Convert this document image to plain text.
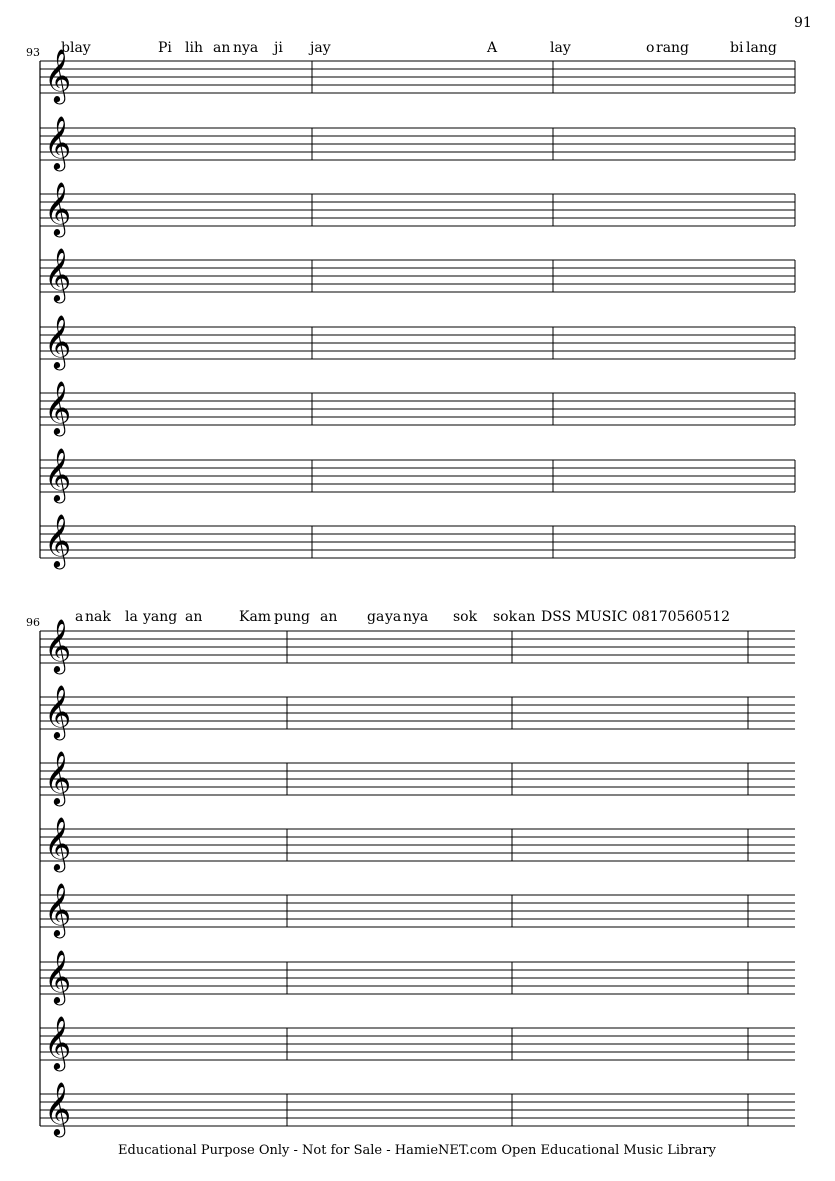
91
93 blay	Pi lih an nya ji jay	A	lay	o rang	bi lang
𝄞
𝄞
𝄞
𝄞
𝄞
𝄞
𝄞
𝄞
96	a nak la yang an	Kam pung an ga ya nya sok sok an DSS MUSIC 08170560512
𝄞
𝄞
𝄞
𝄞
𝄞
𝄞
𝄞
𝄞
Educational Purpose Only - Not for Sale - HamieNET.com Open Educational Music Library
